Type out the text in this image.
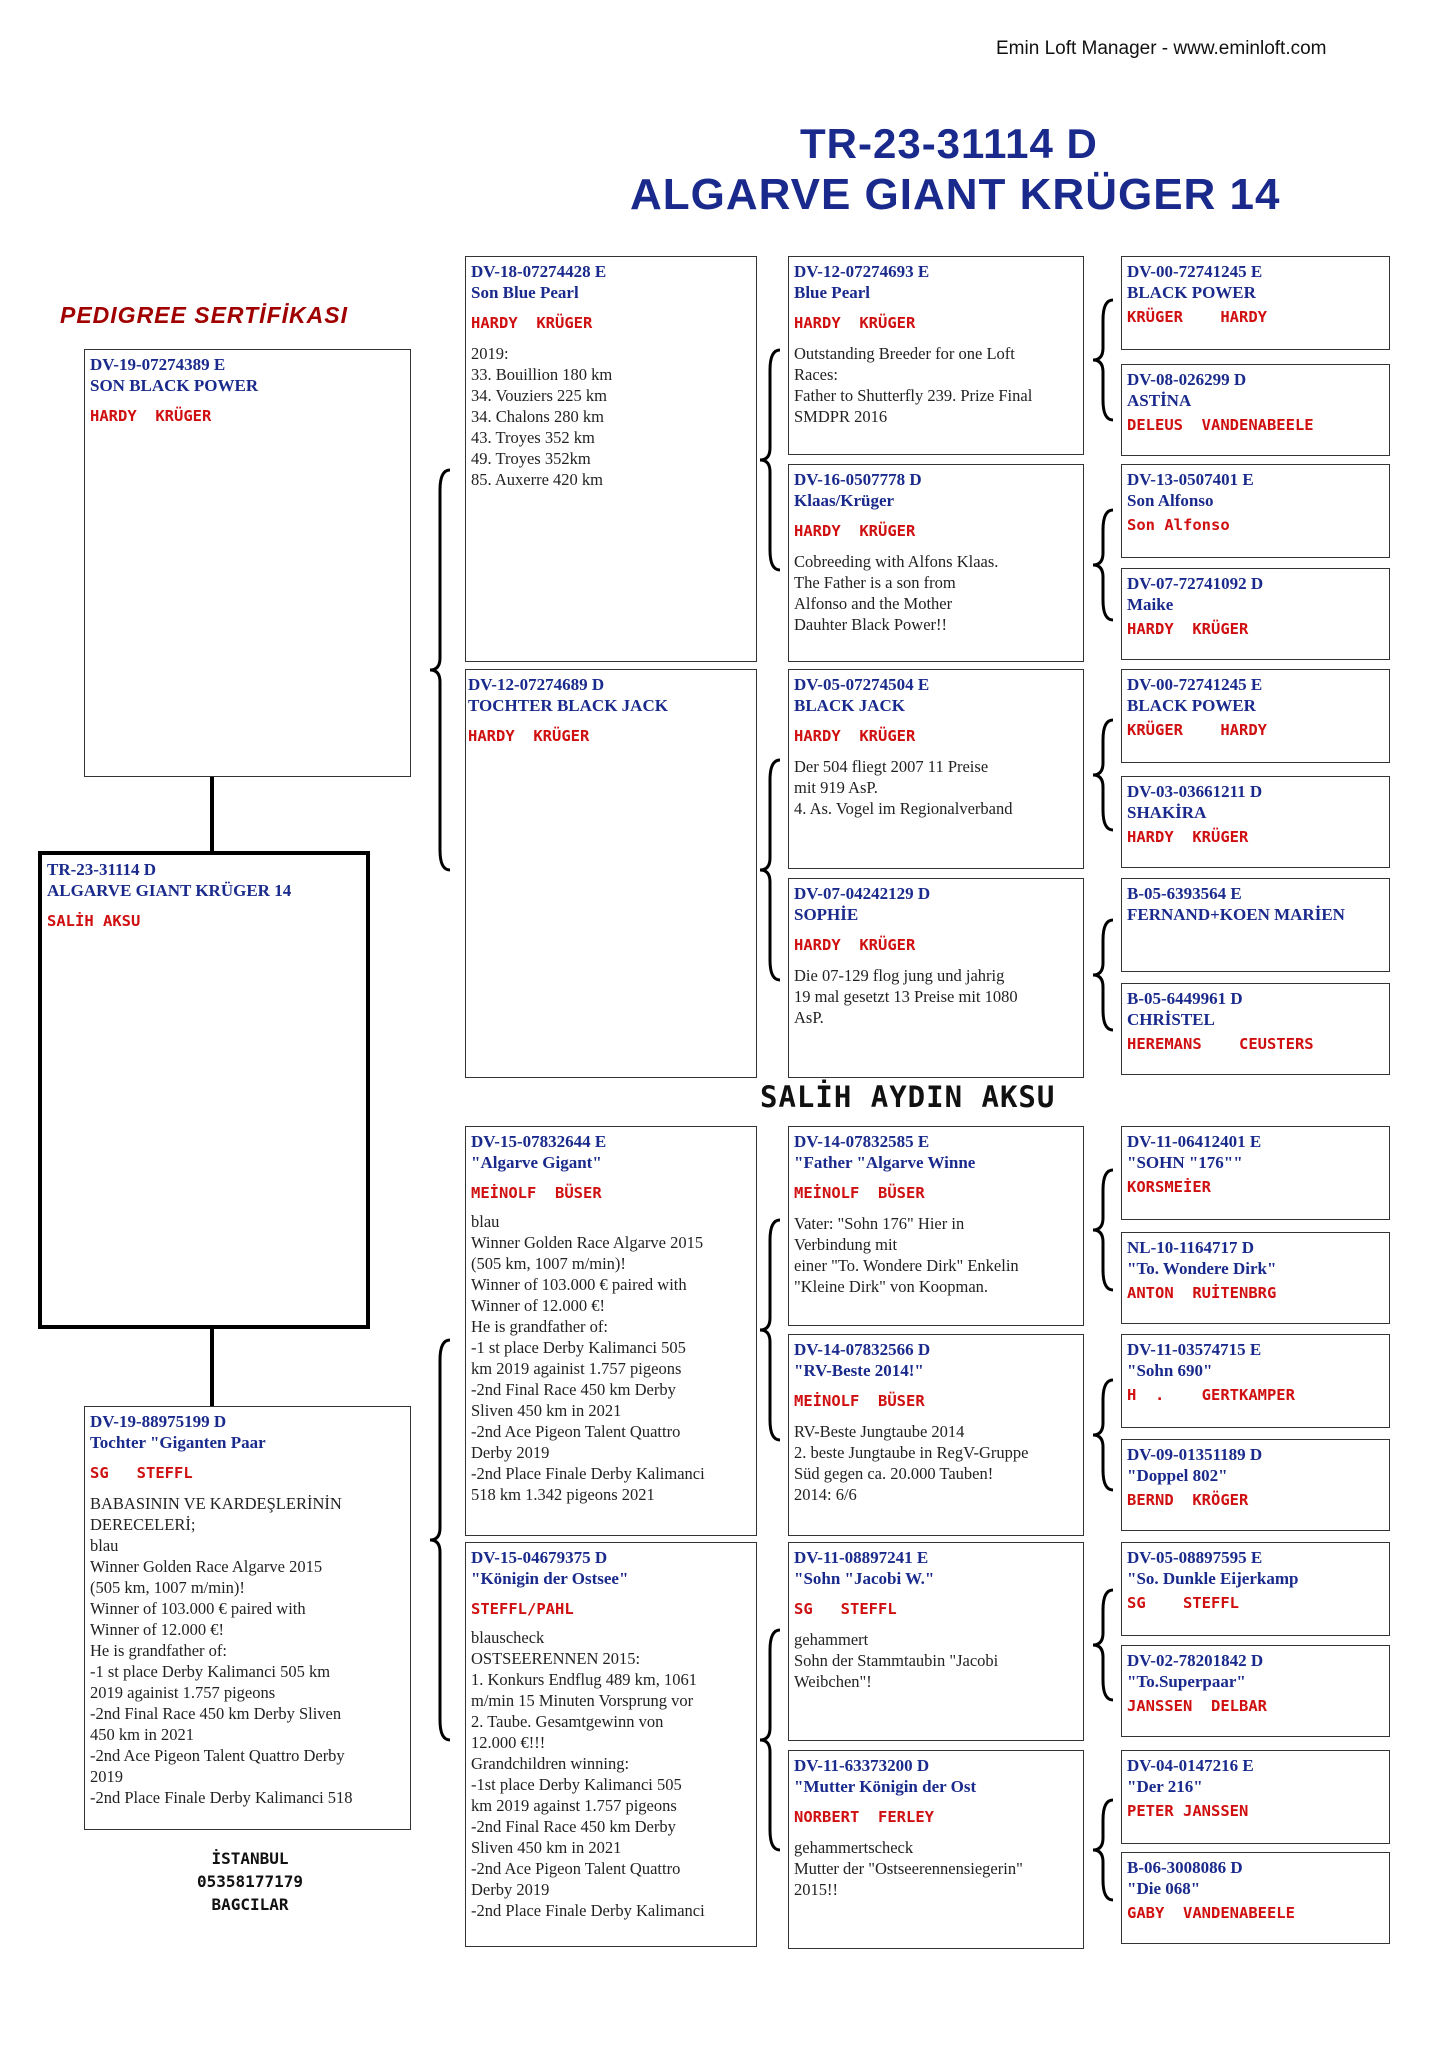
Emin Loft Manager - www.eminloft.com
TR-23-31114 D
ALGARVE GIANT KRÜGER 14
PEDIGREE SERTİFİKASI
DV-19-07274389 E
SON BLACK POWER
HARDY  KRÜGER
TR-23-31114 D
ALGARVE GIANT KRÜGER 14
SALİH AKSU
DV-19-88975199 D
Tochter "Giganten Paar
SG   STEFFL
BABASININ VE KARDEŞLERİNİN
DERECELERİ;
blau
Winner Golden Race Algarve 2015
(505 km, 1007 m/min)!
Winner of 103.000 € paired with
Winner of 12.000 €!
He is grandfather of:
-1 st place Derby Kalimanci 505 km
2019 againist 1.757 pigeons
-2nd Final Race 450 km Derby Sliven
450 km in 2021
-2nd Ace Pigeon Talent Quattro Derby
2019
-2nd Place Finale Derby Kalimanci 518
İSTANBUL
05358177179
BAGCILAR
SALİH AYDIN AKSU
DV-18-07274428 E
Son Blue Pearl
HARDY  KRÜGER
2019:
33. Bouillion 180 km
34. Vouziers 225 km
34. Chalons 280 km
43. Troyes 352 km
49. Troyes 352km
85. Auxerre 420 km
DV-12-07274689 D
TOCHTER BLACK JACK
HARDY  KRÜGER
DV-15-07832644 E
"Algarve Gigant"
MEİNOLF  BÜSER
blau
Winner Golden Race Algarve 2015
(505 km, 1007 m/min)!
Winner of 103.000 € paired with
Winner of 12.000 €!
He is grandfather of:
-1 st place Derby Kalimanci 505
km 2019 againist 1.757 pigeons
-2nd Final Race 450 km Derby
Sliven 450 km in 2021
-2nd Ace Pigeon Talent Quattro
Derby 2019
-2nd Place Finale Derby Kalimanci
518 km 1.342 pigeons 2021
DV-15-04679375 D
"Königin der Ostsee"
STEFFL/PAHL
blauscheck
OSTSEERENNEN 2015:
1. Konkurs Endflug 489 km, 1061
m/min 15 Minuten Vorsprung vor
2. Taube. Gesamtgewinn von
12.000 €!!!
Grandchildren winning:
-1st place Derby Kalimanci 505
km 2019 against 1.757 pigeons
-2nd Final Race 450 km Derby
Sliven 450 km in 2021
-2nd Ace Pigeon Talent Quattro
Derby 2019
-2nd Place Finale Derby Kalimanci
DV-12-07274693 E
Blue Pearl
HARDY  KRÜGER
Outstanding Breeder for one Loft
Races:
Father to Shutterfly 239. Prize Final
SMDPR 2016
DV-16-0507778 D
Klaas/Krüger
HARDY  KRÜGER
Cobreeding with Alfons Klaas.
The Father is a son from
Alfonso and the Mother
Dauhter Black Power!!
DV-05-07274504 E
BLACK JACK
HARDY  KRÜGER
Der 504 fliegt 2007 11 Preise
mit 919 AsP.
4. As. Vogel im Regionalverband
DV-07-04242129 D
SOPHİE
HARDY  KRÜGER
Die 07-129 flog jung und jahrig
19 mal gesetzt 13 Preise mit 1080
AsP.
DV-14-07832585 E
"Father "Algarve Winne
MEİNOLF  BÜSER
Vater: "Sohn 176" Hier in
Verbindung mit
einer "To. Wondere Dirk" Enkelin
"Kleine Dirk" von Koopman.
DV-14-07832566 D
"RV-Beste 2014!"
MEİNOLF  BÜSER
RV-Beste Jungtaube 2014
2. beste Jungtaube in RegV-Gruppe
Süd gegen ca. 20.000 Tauben!
2014: 6/6
DV-11-08897241 E
"Sohn "Jacobi W."
SG   STEFFL
gehammert
Sohn der Stammtaubin "Jacobi
Weibchen"!
DV-11-63373200 D
"Mutter Königin der Ost
NORBERT  FERLEY
gehammertscheck
Mutter der "Ostseerennensiegerin"
2015!!
DV-00-72741245 E
BLACK POWER
KRÜGER    HARDY
DV-08-026299 D
ASTİNA
DELEUS  VANDENABEELE
DV-13-0507401 E
Son Alfonso
Son Alfonso
DV-07-72741092 D
Maike
HARDY  KRÜGER
DV-00-72741245 E
BLACK POWER
KRÜGER    HARDY
DV-03-03661211 D
SHAKİRA
HARDY  KRÜGER
B-05-6393564 E
FERNAND+KOEN MARİEN
B-05-6449961 D
CHRİSTEL
HEREMANS    CEUSTERS
DV-11-06412401 E
"SOHN "176""
KORSMEİER
NL-10-1164717 D
"To. Wondere Dirk"
ANTON  RUİTENBRG
DV-11-03574715 E
"Sohn 690"
H  .    GERTKAMPER
DV-09-01351189 D
"Doppel 802"
BERND  KRÖGER
DV-05-08897595 E
"So. Dunkle Eijerkamp
SG    STEFFL
DV-02-78201842 D
"To.Superpaar"
JANSSEN  DELBAR
DV-04-0147216 E
"Der 216"
PETER JANSSEN
B-06-3008086 D
"Die 068"
GABY  VANDENABEELE
